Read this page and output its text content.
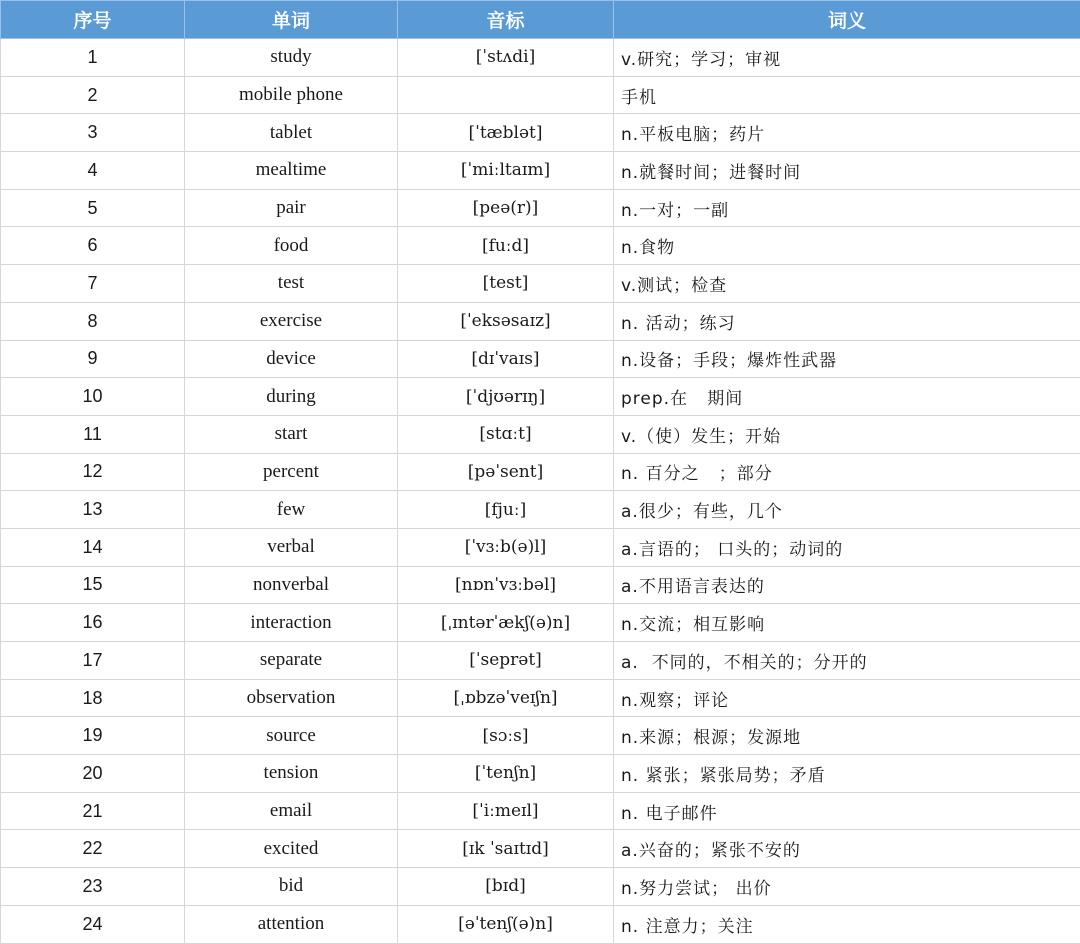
序号	单词	音标	词义
1	study	[ˈstʌdi]	v.研究；学习；审视
2	mobile phone		手机
3	tablet	[ˈtæblət]	n.平板电脑；药片
4	mealtime	[ˈmiːltaɪm]	n.就餐时间；进餐时间
5	pair	[peə(r)]	n.一对；一副
6	food	[fuːd]	n.食物
7	test	[test]	v.测试；检查
8	exercise	[ˈeksəsaɪz]	n. 活动；练习
9	device	[dɪˈvaɪs]	n.设备；手段；爆炸性武器
10	during	[ˈdjʊərɪŋ]	prep.在   期间
11	start	[stɑːt]	v.（使）发生；开始
12	percent	[pəˈsent]	n. 百分之   ；部分
13	few	[fjuː]	a.很少；有些，几个
14	verbal	[ˈvɜːb(ə)l]	a.言语的； 口头的；动词的
15	nonverbal	[nɒnˈvɜːbəl]	a.不用语言表达的
16	interaction	[ˌɪntərˈækʃ(ə)n]	n.交流；相互影响
17	separate	[ˈseprət]	a.  不同的，不相关的；分开的
18	observation	[ˌɒbzəˈveɪʃn]	n.观察；评论
19	source	[sɔːs]	n.来源；根源；发源地
20	tension	[ˈtenʃn]	n. 紧张；紧张局势；矛盾
21	email	[ˈiːmeɪl]	n. 电子邮件
22	excited	[ɪk ˈsaɪtɪd]	a.兴奋的；紧张不安的
23	bid	[bɪd]	n.努力尝试； 出价
24	attention	[əˈtenʃ(ə)n]	n. 注意力；关注
